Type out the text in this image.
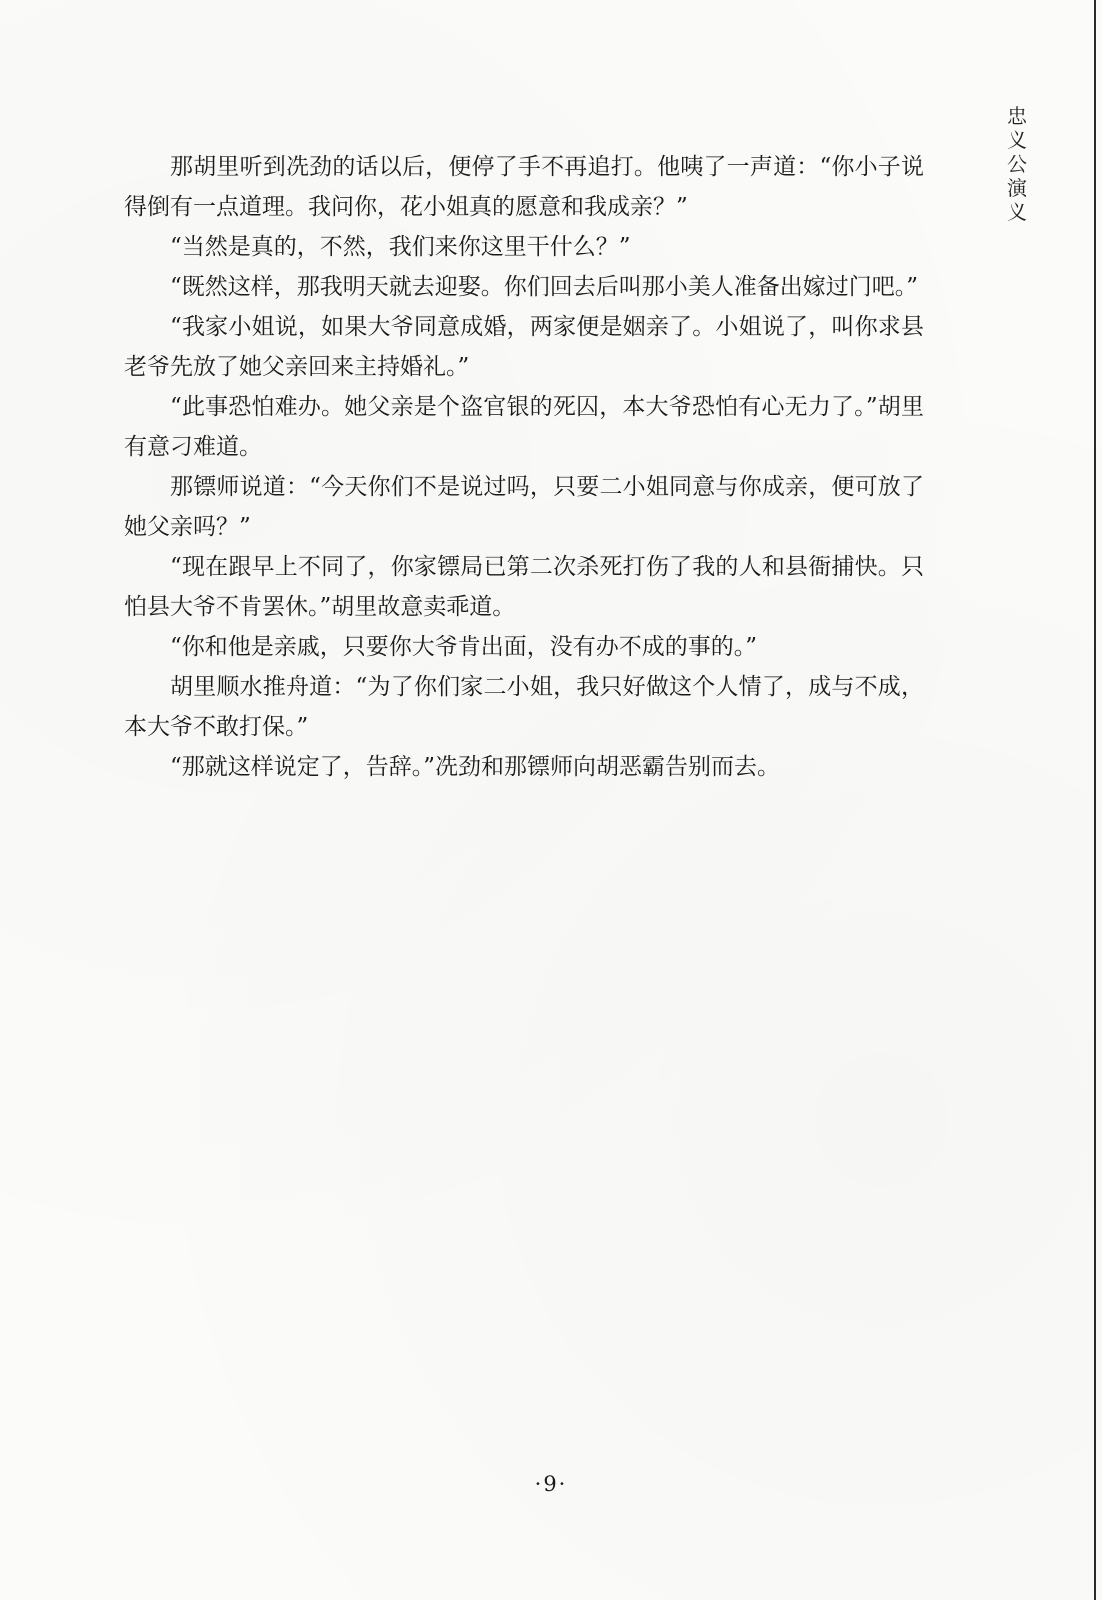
忠义公演义

那胡里听到冼劲的话以后，便停了手不再追打。他咦了一声道：“你小子说得倒有一点道理。我问你，花小姐真的愿意和我成亲？”

“当然是真的，不然，我们来你这里干什么？”

“既然这样，那我明天就去迎娶。你们回去后叫那小美人准备出嫁过门吧。”

“我家小姐说，如果大爷同意成婚，两家便是姻亲了。小姐说了，叫你求县老爷先放了她父亲回来主持婚礼。”

“此事恐怕难办。她父亲是个盗官银的死囚，本大爷恐怕有心无力了。”胡里有意刁难道。

那镖师说道：“今天你们不是说过吗，只要二小姐同意与你成亲，便可放了她父亲吗？”

“现在跟早上不同了，你家镖局已第二次杀死打伤了我的人和县衙捕快。只怕县大爷不肯罢休。”胡里故意卖乖道。

“你和他是亲戚，只要你大爷肯出面，没有办不成的事的。”

胡里顺水推舟道：“为了你们家二小姐，我只好做这个人情了，成与不成，本大爷不敢打保。”

“那就这样说定了，告辞。”冼劲和那镖师向胡恶霸告别而去。

·9·
